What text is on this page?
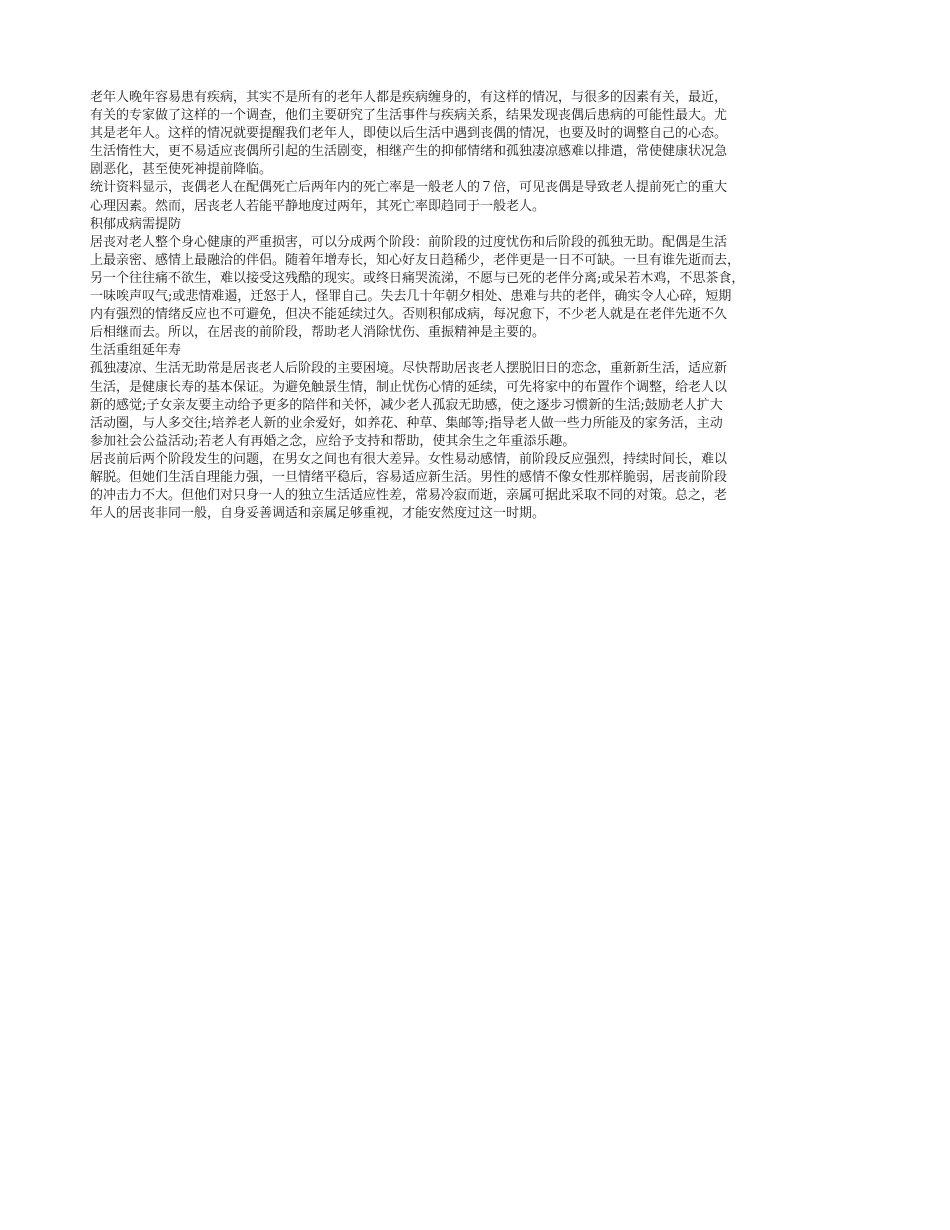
老年人晚年容易患有疾病，其实不是所有的老年人都是疾病缠身的，有这样的情况，与很多的因素有关，最近，
有关的专家做了这样的一个调查，他们主要研究了生活事件与疾病关系，结果发现丧偶后患病的可能性最大。尤
其是老年人。这样的情况就要提醒我们老年人，即使以后生活中遇到丧偶的情况，也要及时的调整自己的心态。
生活惰性大，更不易适应丧偶所引起的生活剧变，相继产生的抑郁情绪和孤独凄凉感难以排遣，常使健康状况急
剧恶化，甚至使死神提前降临。
统计资料显示，丧偶老人在配偶死亡后两年内的死亡率是一般老人的７倍，可见丧偶是导致老人提前死亡的重大
心理因素。然而，居丧老人若能平静地度过两年，其死亡率即趋同于一般老人。
积郁成病需提防
居丧对老人整个身心健康的严重损害，可以分成两个阶段：前阶段的过度忧伤和后阶段的孤独无助。配偶是生活
上最亲密、感情上最融洽的伴侣。随着年增寿长，知心好友日趋稀少，老伴更是一日不可缺。一旦有谁先逝而去，
另一个往往痛不欲生，难以接受这残酷的现实。或终日痛哭流涕，不愿与已死的老伴分离;或呆若木鸡，不思茶食，
一味唉声叹气;或悲情难遏，迁怒于人，怪罪自己。失去几十年朝夕相处、患难与共的老伴，确实令人心碎，短期
内有强烈的情绪反应也不可避免，但决不能延续过久。否则积郁成病，每况愈下，不少老人就是在老伴先逝不久
后相继而去。所以，在居丧的前阶段，帮助老人消除忧伤、重振精神是主要的。
生活重组延年寿
孤独凄凉、生活无助常是居丧老人后阶段的主要困境。尽快帮助居丧老人摆脱旧日的恋念，重新新生活，适应新
生活，是健康长寿的基本保证。为避免触景生情，制止忧伤心情的延续，可先将家中的布置作个调整，给老人以
新的感觉;子女亲友要主动给予更多的陪伴和关怀，减少老人孤寂无助感，使之逐步习惯新的生活;鼓励老人扩大
活动圈，与人多交往;培养老人新的业余爱好，如养花、种草、集邮等;指导老人做一些力所能及的家务活，主动
参加社会公益活动;若老人有再婚之念，应给予支持和帮助，使其余生之年重添乐趣。
居丧前后两个阶段发生的问题，在男女之间也有很大差异。女性易动感情，前阶段反应强烈，持续时间长，难以
解脱。但她们生活自理能力强，一旦情绪平稳后，容易适应新生活。男性的感情不像女性那样脆弱，居丧前阶段
的冲击力不大。但他们对只身一人的独立生活适应性差，常易冷寂而逝，亲属可据此采取不同的对策。总之，老
年人的居丧非同一般，自身妥善调适和亲属足够重视，才能安然度过这一时期。
